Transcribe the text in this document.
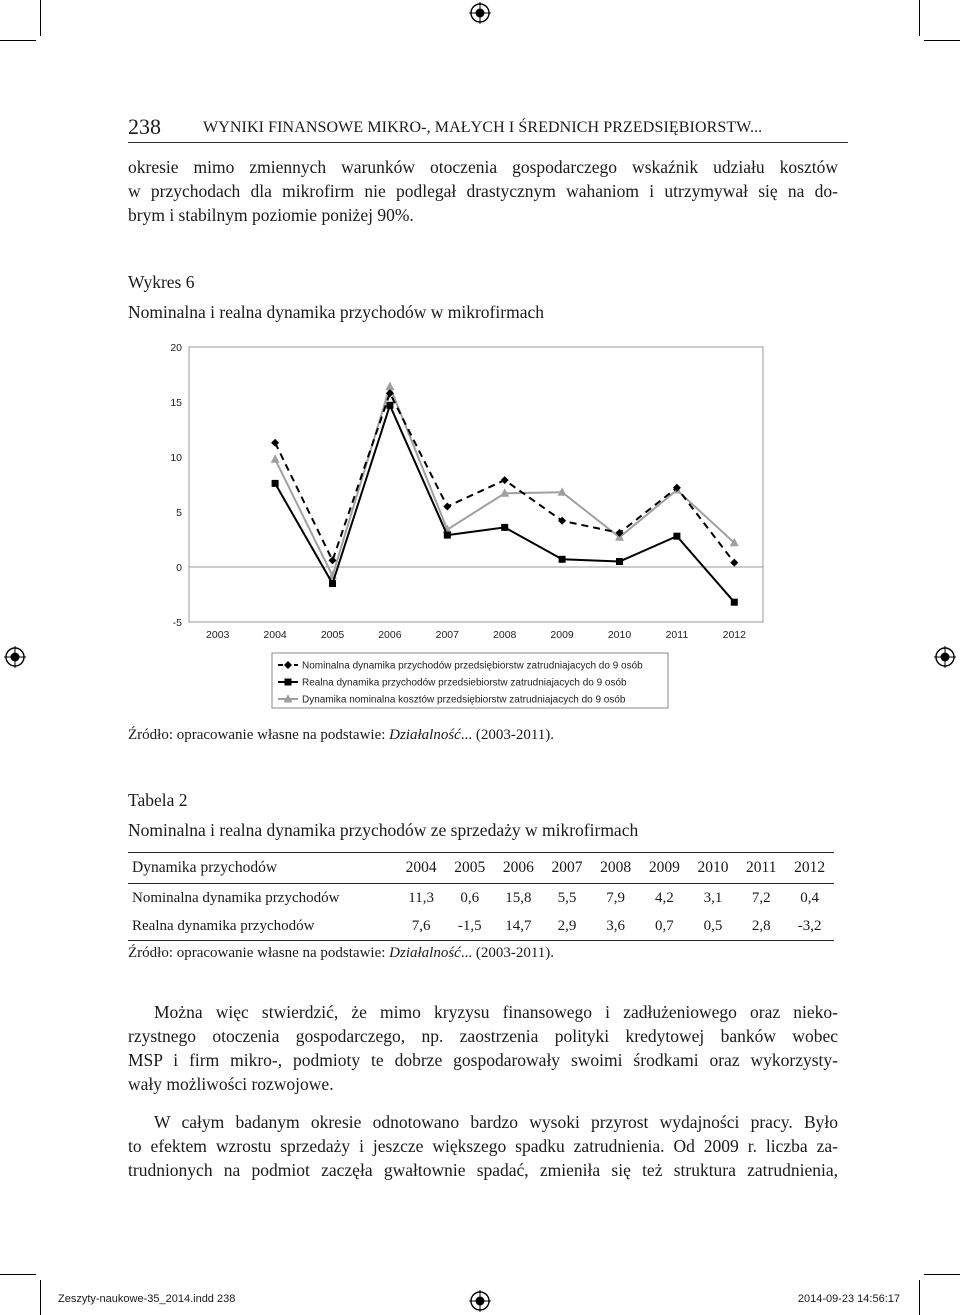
238	WYNIKI FINANSOWE MIKRO-, MAŁYCH I ŚREDNICH PRZEDSIĘBIORSTW...
okresie mimo zmiennych warunków otoczenia gospodarczego wskaźnik udziału kosztów
w przychodach dla mikrofirm nie podlegał drastycznym wahaniom i utrzymywał się na do-
brym i stabilnym poziomie poniżej 90%.
Wykres 6
Nominalna i realna dynamika przychodów w mikrofirmach
20
15
10
5
0
-5
2003	2004	2005	2006	2007	2008	2009	2010	2011	2012
Nominalna dynamika przychodów przedsiębiorstw zatrudniajacych do 9 osób
Realna dynamika przychodów przedsiebiorstw zatrudniajacych do 9 osób
Dynamika nominalna kosztów przedsiębiorstw zatrudniajacych do 9 osób
Źródło: opracowanie własne na podstawie: Działalność... (2003-2011).
Tabela 2
Nominalna i realna dynamika przychodów ze sprzedaży w mikrofirmach
Dynamika przychodów	2004	2005	2006	2007	2008	2009	2010	2011	2012
Nominalna dynamika przychodów	11,3	0,6	15,8	5,5	7,9	4,2	3,1	7,2	0,4
Realna dynamika przychodów	7,6	-1,5	14,7	2,9	3,6	0,7	0,5	2,8	-3,2
Źródło: opracowanie własne na podstawie: Działalność... (2003-2011).
Można więc stwierdzić, że mimo kryzysu finansowego i zadłużeniowego oraz nieko-
rzystnego otoczenia gospodarczego, np. zaostrzenia polityki kredytowej banków wobec
MSP i firm mikro-, podmioty te dobrze gospodarowały swoimi środkami oraz wykorzysty-
wały możliwości rozwojowe.
W całym badanym okresie odnotowano bardzo wysoki przyrost wydajności pracy. Było
to efektem wzrostu sprzedaży i jeszcze większego spadku zatrudnienia. Od 2009 r. liczba za-
trudnionych na podmiot zaczęła gwałtownie spadać, zmieniła się też struktura zatrudnienia,
Zeszyty-naukowe-35_2014.indd 238	2014-09-23 14:56:17
